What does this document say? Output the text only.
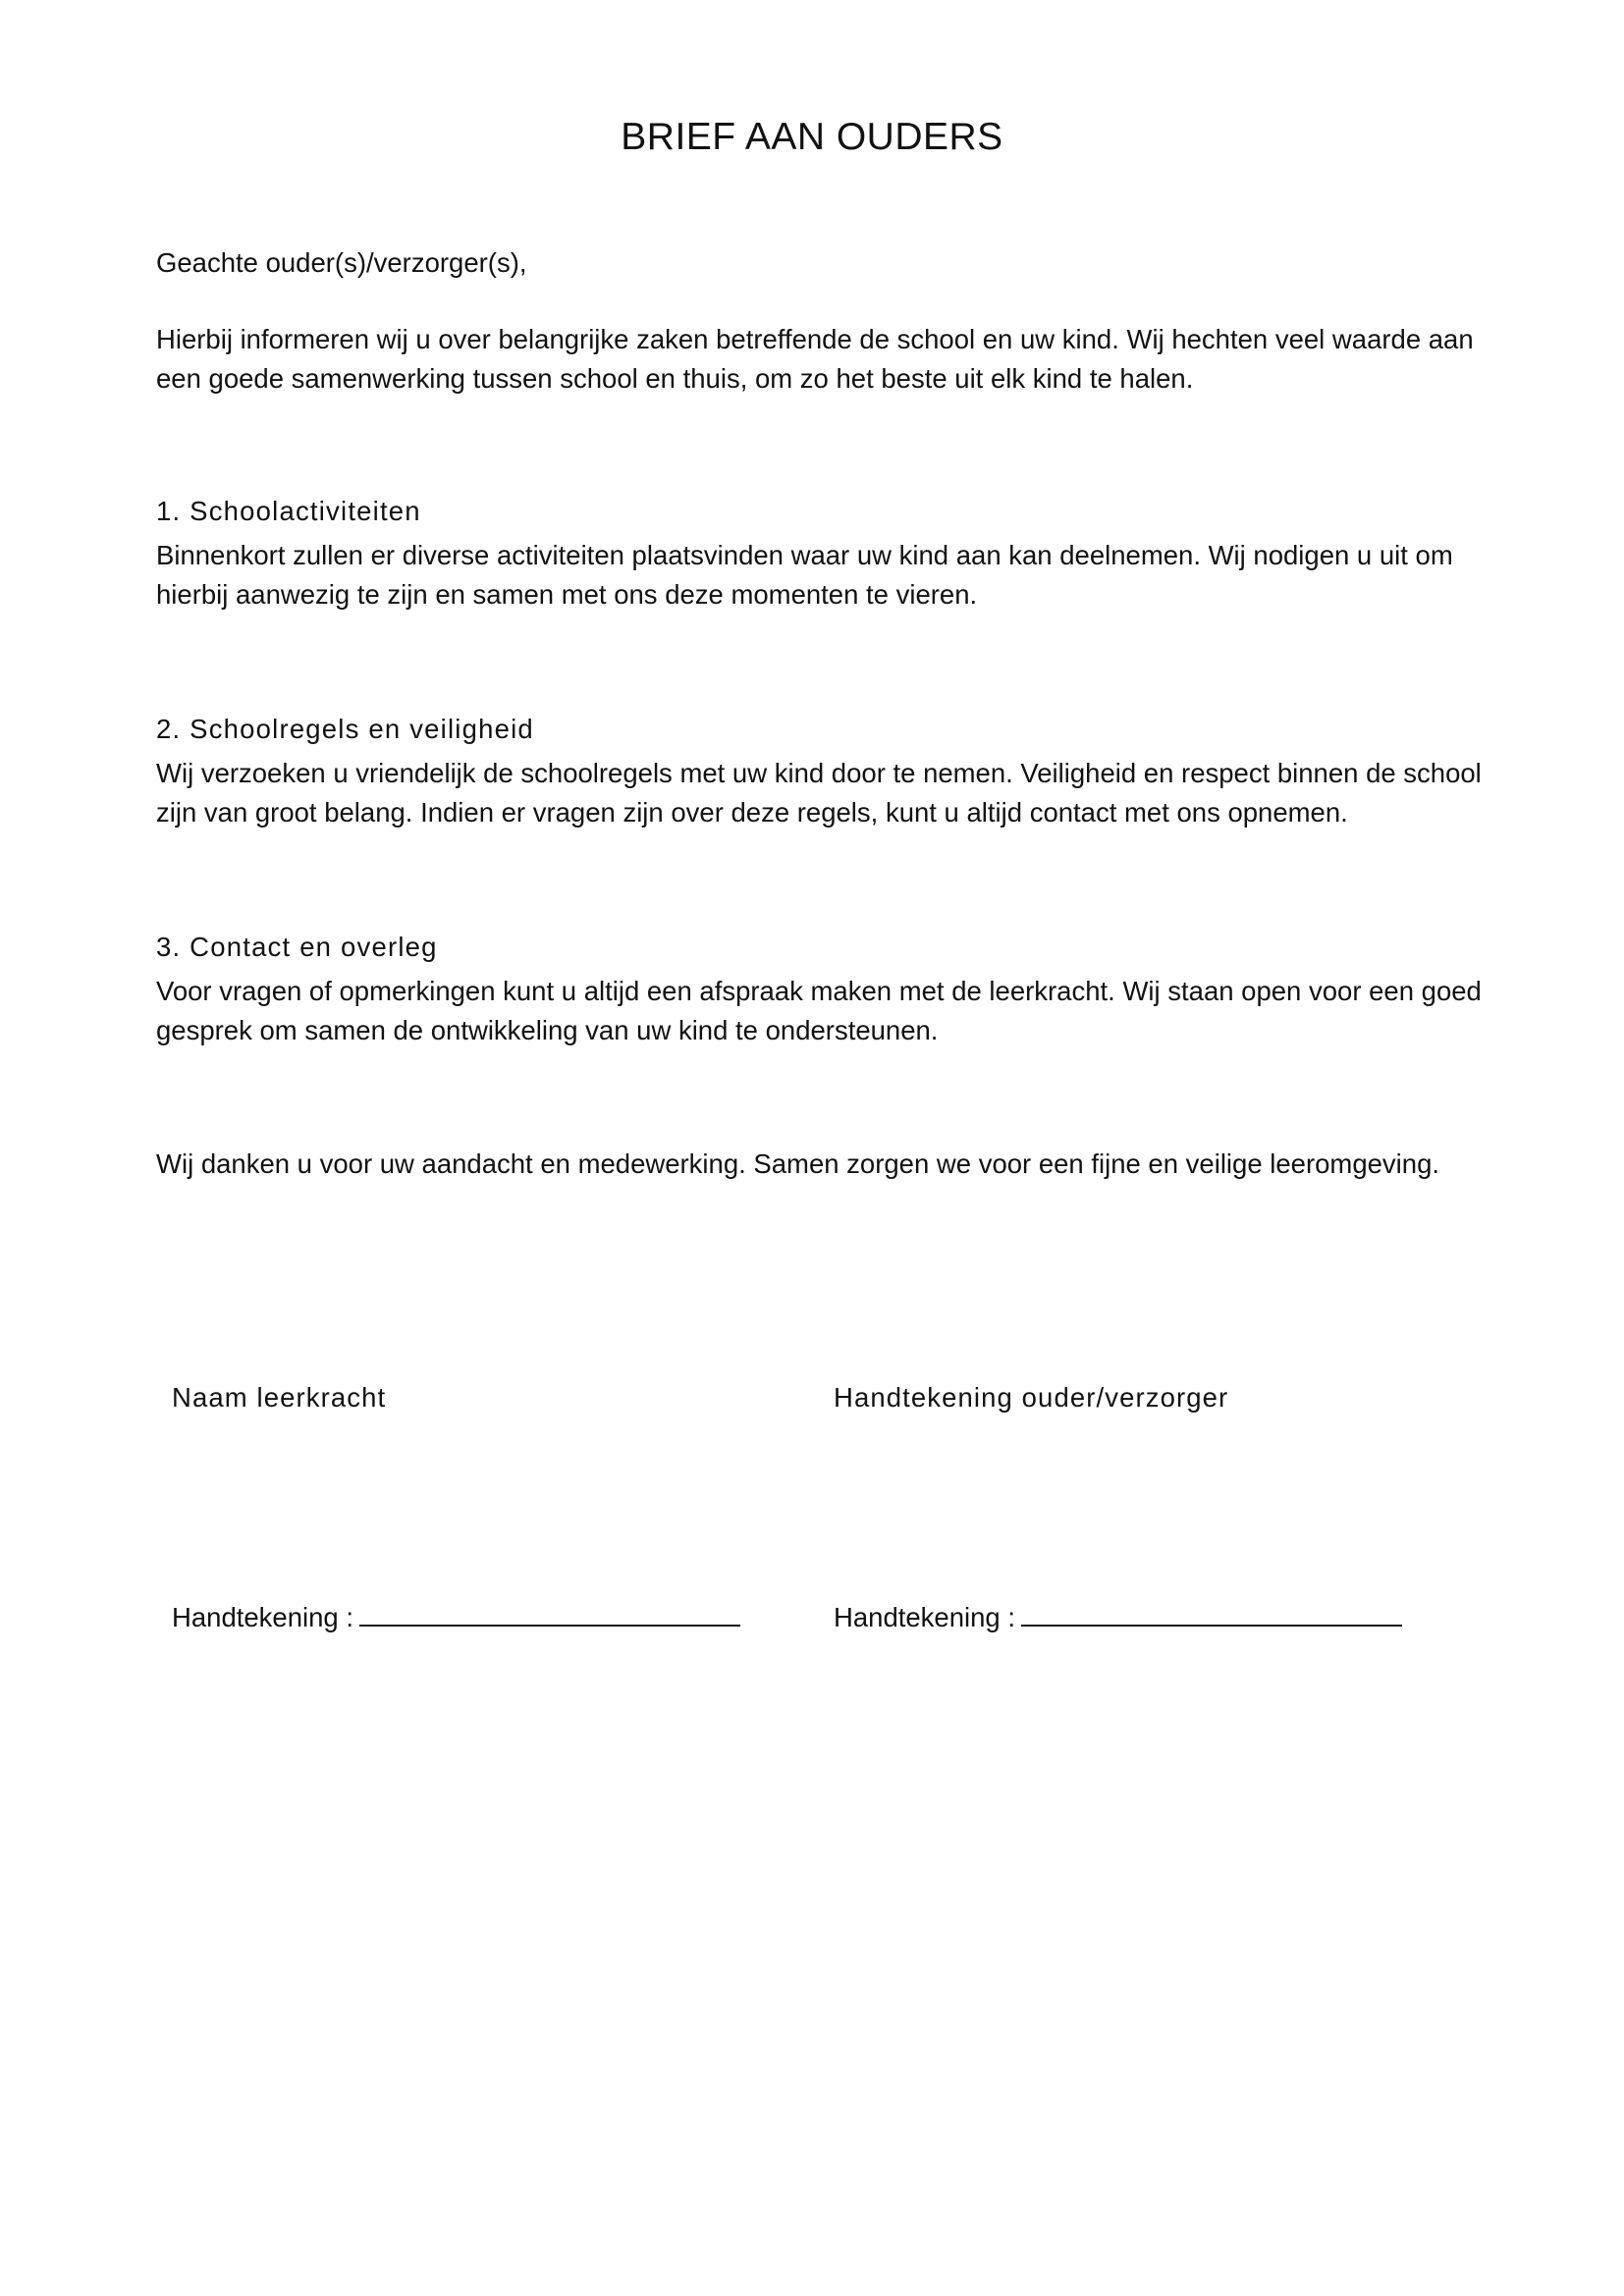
BRIEF AAN OUDERS

Geachte ouder(s)/verzorger(s),

Hierbij informeren wij u over belangrijke zaken betreffende de school en uw kind. Wij hechten veel waarde aan een goede samenwerking tussen school en thuis, om zo het beste uit elk kind te halen.

1. Schoolactiviteiten

Binnenkort zullen er diverse activiteiten plaatsvinden waar uw kind aan kan deelnemen. Wij nodigen u uit om hierbij aanwezig te zijn en samen met ons deze momenten te vieren.

2. Schoolregels en veiligheid

Wij verzoeken u vriendelijk de schoolregels met uw kind door te nemen. Veiligheid en respect binnen de school zijn van groot belang. Indien er vragen zijn over deze regels, kunt u altijd contact met ons opnemen.

3. Contact en overleg

Voor vragen of opmerkingen kunt u altijd een afspraak maken met de leerkracht. Wij staan open voor een goed gesprek om samen de ontwikkeling van uw kind te ondersteunen.

Wij danken u voor uw aandacht en medewerking. Samen zorgen we voor een fijne en veilige leeromgeving.

Naam leerkracht	Handtekening ouder/verzorger
Handtekening :	Handtekening :
